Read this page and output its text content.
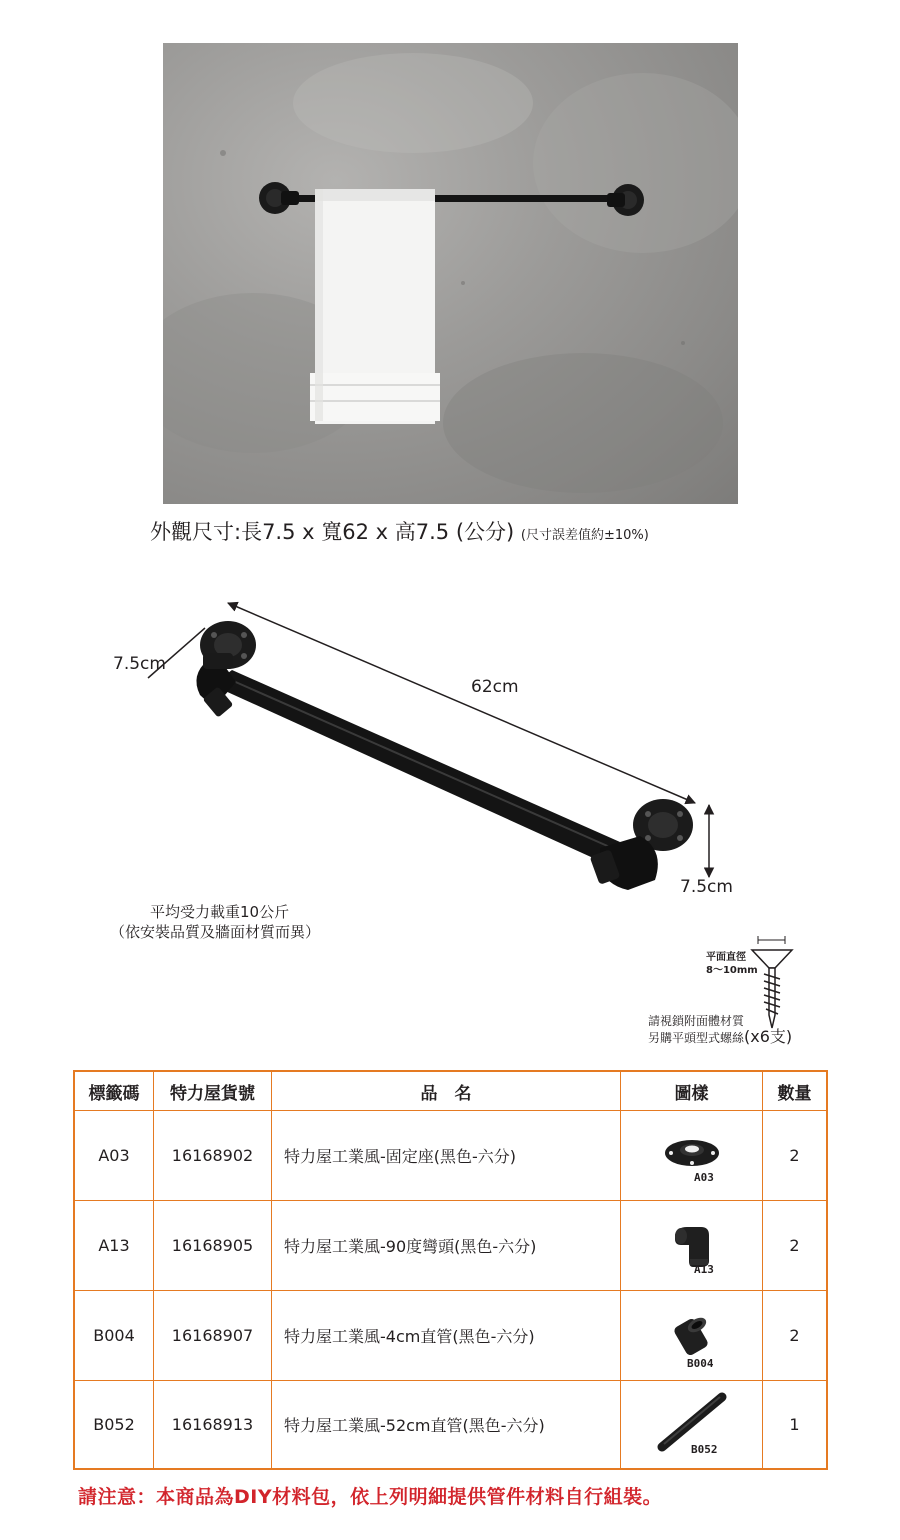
外觀尺寸:長7.5 x 寬62 x 高7.5 (公分) (尺寸誤差值約±10%)
7.5cm
62cm
7.5cm
平均受力載重10公斤
（依安裝品質及牆面材質而異）
平面直徑
8～10mm
請視鎖附面體材質
另購平頭型式螺絲(x6支)
標籤碼	特力屋貨號	品　名	圖樣	數量
A03	16168902	特力屋工業風-固定座(黑色-六分)	A03	2
A13	16168905	特力屋工業風-90度彎頭(黑色-六分)	A13	2
B004	16168907	特力屋工業風-4cm直管(黑色-六分)	B004	2
B052	16168913	特力屋工業風-52cm直管(黑色-六分)	B052	1
請注意：本商品為DIY材料包，依上列明細提供管件材料自行組裝。
